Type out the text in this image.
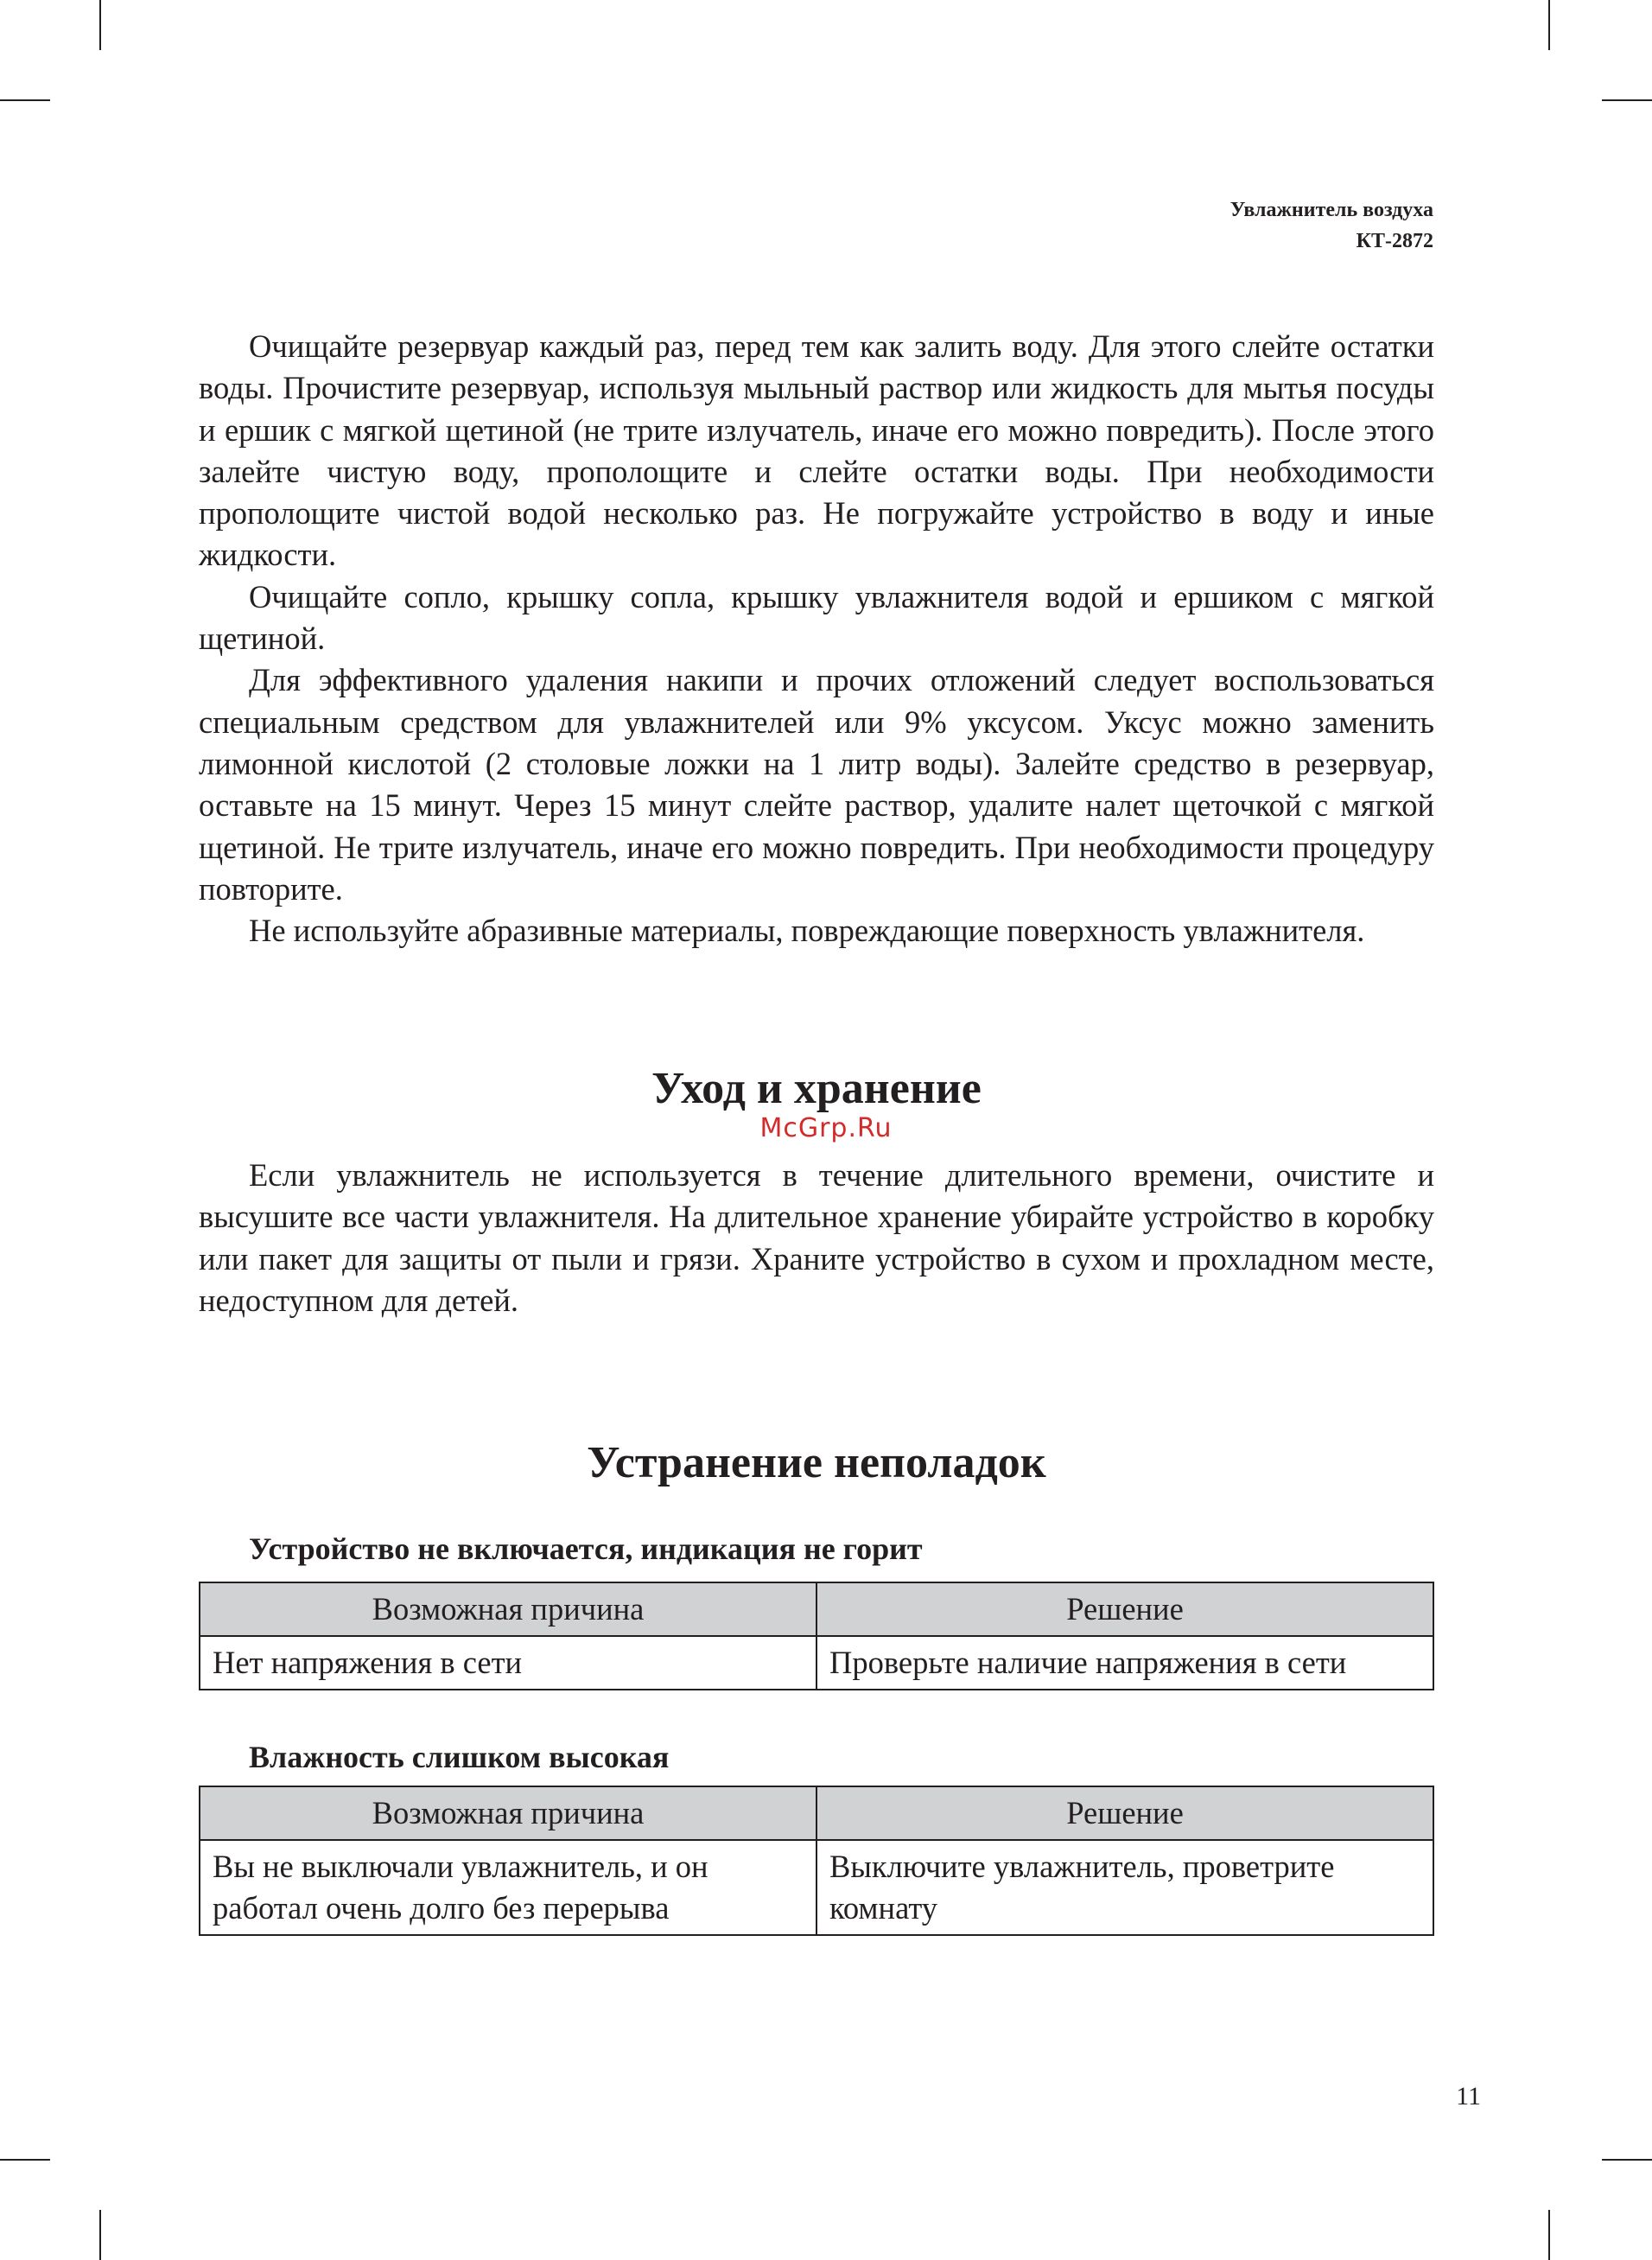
Увлажнитель воздуха
КТ-2872

Очищайте резервуар каждый раз, перед тем как залить воду. Для этого слейте остатки воды. Прочистите резервуар, используя мыльный раствор или жидкость для мытья посуды и ершик с мягкой щетиной (не трите излучатель, иначе его можно повредить). После этого залейте чистую воду, прополощите и слейте остатки воды. При необходимости прополощите чистой водой несколько раз. Не погружайте устройство в воду и иные жидкости.

Очищайте сопло, крышку сопла, крышку увлажнителя водой и ершиком с мягкой щетиной.

Для эффективного удаления накипи и прочих отложений следует воспользоваться специальным средством для увлажнителей или 9% уксусом. Уксус можно заменить лимонной кислотой (2 столовые ложки на 1 литр воды). Залейте средство в резервуар, оставьте на 15 минут. Через 15 минут слейте раствор, удалите налет щеточкой с мягкой щетиной. Не трите излучатель, иначе его можно повредить. При необходимости процедуру повторите.

Не используйте абразивные материалы, повреждающие поверхность увлажнителя.

Уход и хранение
McGrp.Ru

Если увлажнитель не используется в течение длительного времени, очистите и высушите все части увлажнителя. На длительное хранение убирайте устройство в коробку или пакет для защиты от пыли и грязи. Храните устройство в сухом и прохладном месте, недоступном для детей.

Устранение неполадок
Устройство не включается, индикация не горит
Возможная причина	Решение
Нет напряжения в сети	Проверьте наличие напряжения в сети
Влажность слишком высокая
Возможная причина	Решение
Вы не выключали увлажнитель, и он работал очень долго без перерыва	Выключите увлажнитель, проветрите комнату
11
